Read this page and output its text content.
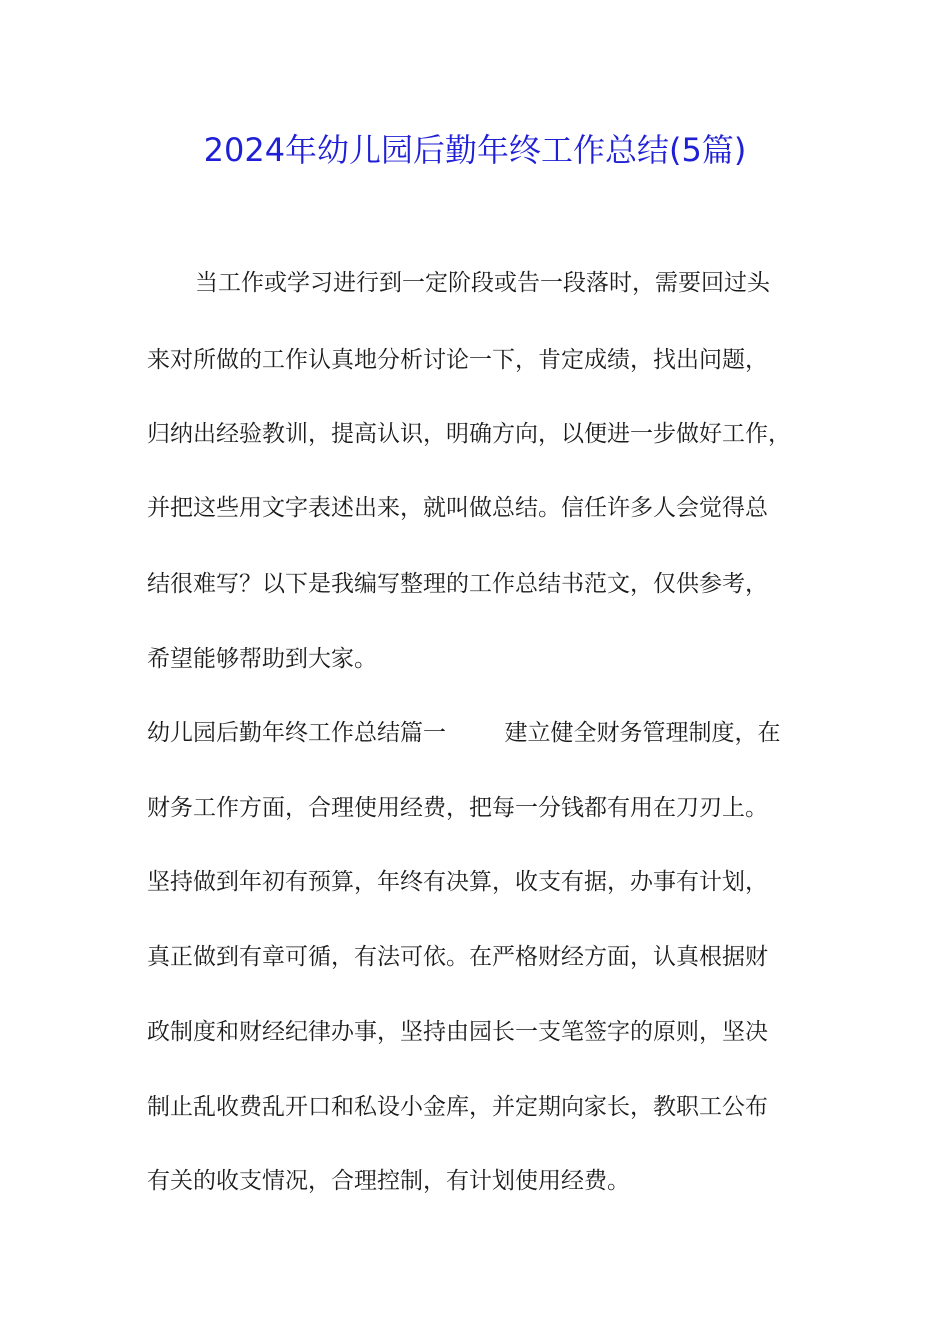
2024年幼儿园后勤年终工作总结(5篇)
当工作或学习进行到一定阶段或告一段落时，需要回过头
来对所做的工作认真地分析讨论一下，肯定成绩，找出问题，
归纳出经验教训，提高认识，明确方向，以便进一步做好工作，
并把这些用文字表述出来，就叫做总结。信任许多人会觉得总
结很难写？以下是我编写整理的工作总结书范文，仅供参考，
希望能够帮助到大家。
幼儿园后勤年终工作总结篇一        建立健全财务管理制度，在
财务工作方面，合理使用经费，把每一分钱都有用在刀刃上。
坚持做到年初有预算，年终有决算，收支有据，办事有计划，
真正做到有章可循，有法可依。在严格财经方面，认真根据财
政制度和财经纪律办事，坚持由园长一支笔签字的原则，坚决
制止乱收费乱开口和私设小金库，并定期向家长，教职工公布
有关的收支情况，合理控制，有计划使用经费。
